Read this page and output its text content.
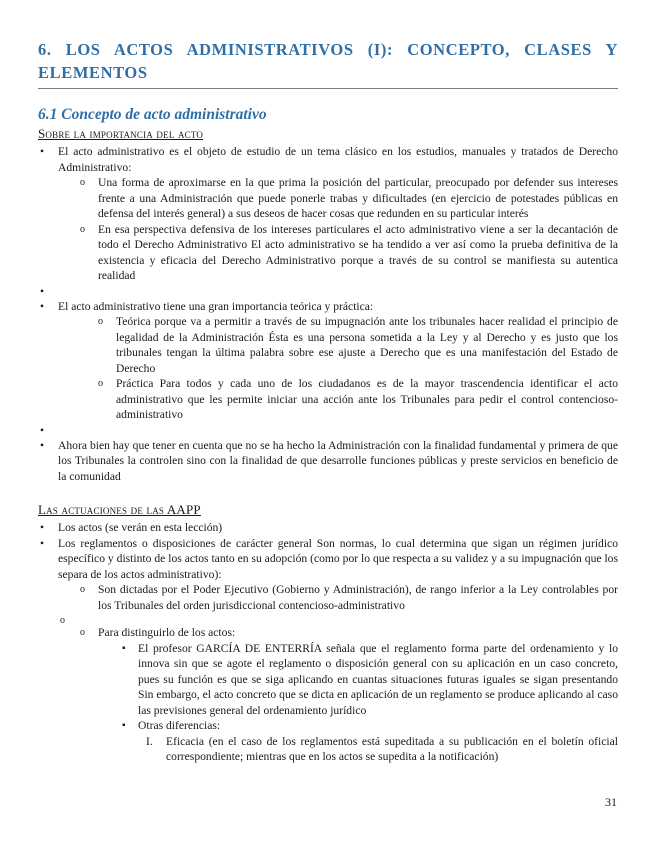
6. LOS ACTOS ADMINISTRATIVOS (I): CONCEPTO, CLASES Y ELEMENTOS
6.1 Concepto de acto administrativo
Sobre la importancia del acto
• El acto administrativo es el objeto de estudio de un tema clásico en los estudios, manuales y tratados de Derecho Administrativo:
o Una forma de aproximarse en la que prima la posición del particular, preocupado por defender sus intereses frente a una Administración que puede ponerle trabas y dificultades (en ejercicio de potestades públicas en defensa del interés general) a sus deseos de hacer cosas que redunden en su particular interés
o En esa perspectiva defensiva de los intereses particulares el acto administrativo viene a ser la decantación de todo el Derecho Administrativo El acto administrativo se ha tendido a ver así como la prueba definitiva de la existencia y eficacia del Derecho Administrativo porque a través de su control se manifiesta su autentica realidad
•
• El acto administrativo tiene una gran importancia teórica y práctica:
o Teórica porque va a permitir a través de su impugnación ante los tribunales hacer realidad el principio de legalidad de la Administración Ésta es una persona sometida a la Ley y al Derecho y es justo que los tribunales tengan la última palabra sobre ese ajuste a Derecho que es una manifestación del Estado de Derecho
o Práctica Para todos y cada uno de los ciudadanos es de la mayor trascendencia identificar el acto administrativo que les permite iniciar una acción ante los Tribunales para pedir el control contencioso-administrativo
•
• Ahora bien hay que tener en cuenta que no se ha hecho la Administración con la finalidad fundamental y primera de que los Tribunales la controlen sino con la finalidad de que desarrolle funciones públicas y preste servicios en beneficio de la comunidad
Las actuaciones de las AAPP
• Los actos (se verán en esta lección)
• Los reglamentos o disposiciones de carácter general Son normas, lo cual determina que sigan un régimen jurídico específico y distinto de los actos tanto en su adopción (como por lo que respecta a su validez y a su impugnación que los separa de los actos administrativo):
o Son dictadas por el Poder Ejecutivo (Gobierno y Administración), de rango inferior a la Ley controlables por los Tribunales del orden jurisdiccional contencioso-administrativo
o
o Para distinguirlo de los actos:
▪ El profesor GARCÍA DE ENTERRÍA señala que el reglamento forma parte del ordenamiento y lo innova sin que se agote el reglamento o disposición general con su aplicación en un caso concreto, pues su función es que se siga aplicando en cuantas situaciones futuras iguales se sigan presentando Sin embargo, el acto concreto que se dicta en aplicación de un reglamento se produce aplicando al caso las previsiones general del ordenamiento jurídico
▪ Otras diferencias:
I. Eficacia (en el caso de los reglamentos está supeditada a su publicación en el boletín oficial correspondiente; mientras que en los actos se supedita a la notificación)
31
